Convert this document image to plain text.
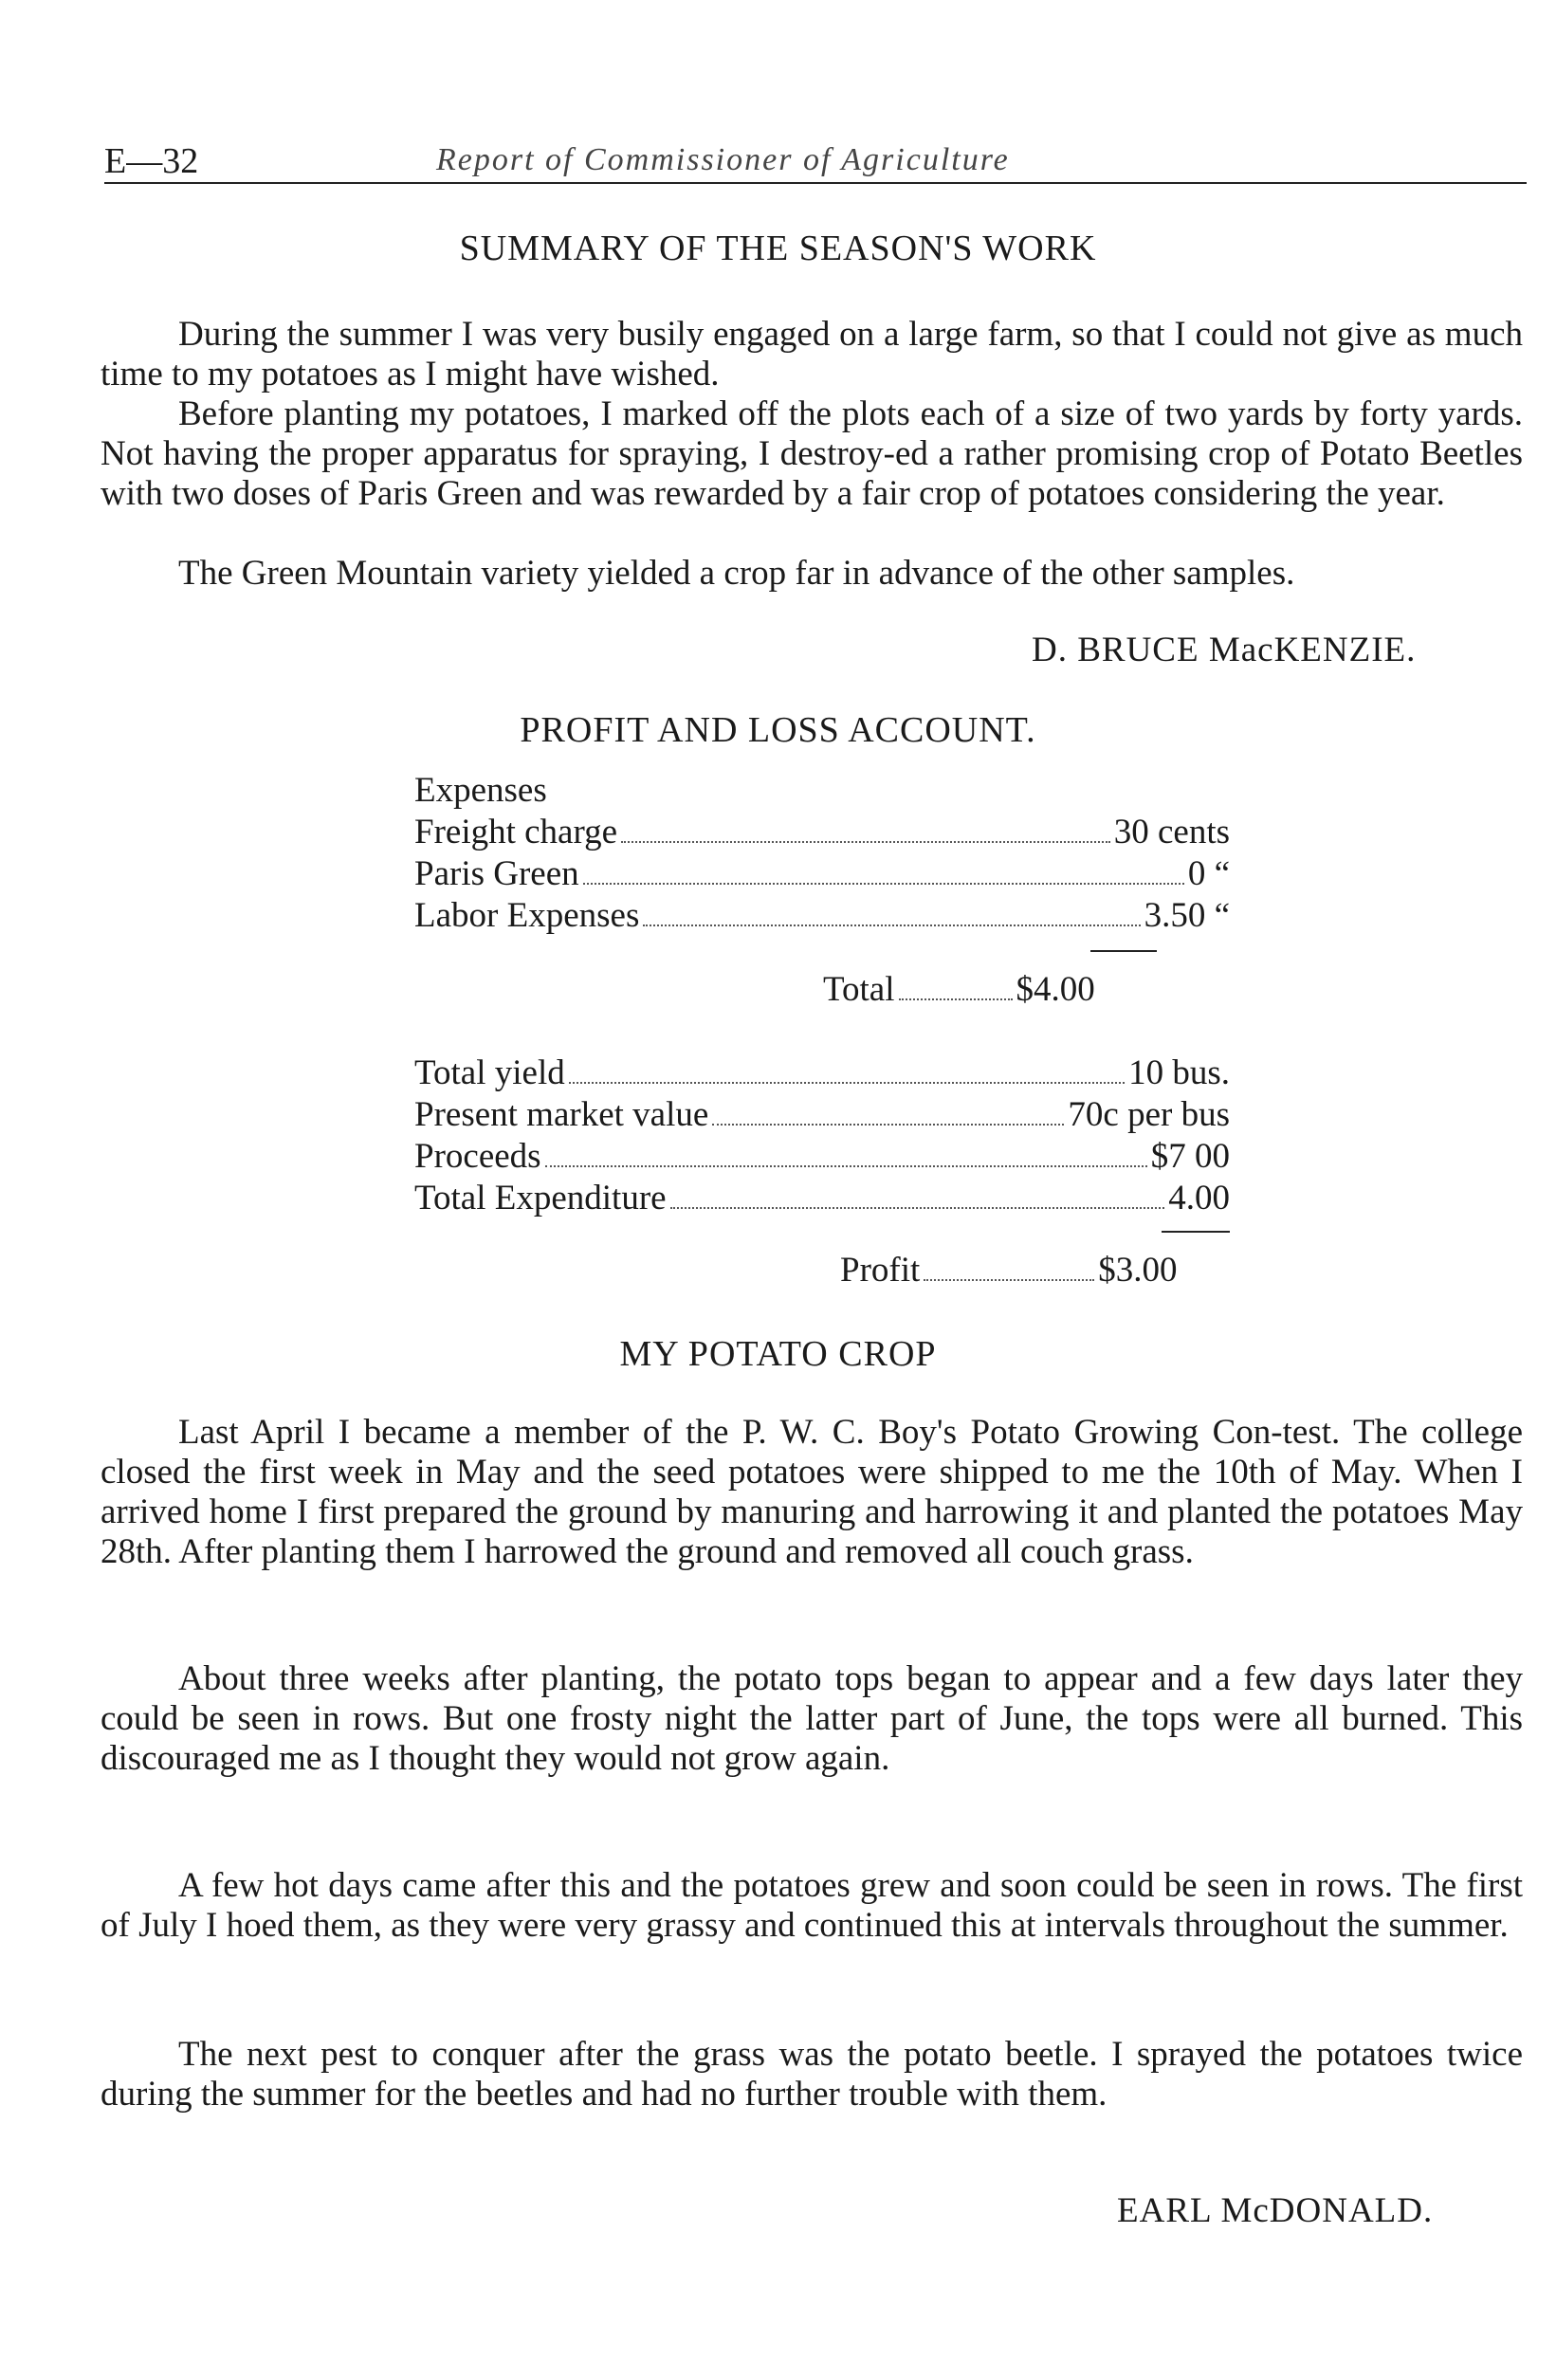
E—32	Report of Commissioner of Agriculture
SUMMARY OF THE SEASON'S WORK

During the summer I was very busily engaged on a large farm, so that I could not give as much time to my potatoes as I might have wished.

Before planting my potatoes, I marked off the plots each of a size of two yards by forty yards. Not having the proper apparatus for spraying, I destroy-ed a rather promising crop of Potato Beetles with two doses of Paris Green and was rewarded by a fair crop of potatoes considering the year.

The Green Mountain variety yielded a crop far in advance of the other samples.

D. BRUCE MacKENZIE.
PROFIT AND LOSS ACCOUNT.
Expenses
Freight charge	30 cents
Paris Green	0 “
Labor Expenses	3.50 “
Total	$4.00
Total yield	10 bus.
Present market value	70c per bus
Proceeds	$7 00
Total Expenditure	4.00
Profit	$3.00
MY POTATO CROP

Last April I became a member of the P. W. C. Boy's Potato Growing Con-test. The college closed the first week in May and the seed potatoes were shipped to me the 10th of May. When I arrived home I first prepared the ground by manuring and harrowing it and planted the potatoes May 28th. After planting them I harrowed the ground and removed all couch grass.

About three weeks after planting, the potato tops began to appear and a few days later they could be seen in rows. But one frosty night the latter part of June, the tops were all burned. This discouraged me as I thought they would not grow again.

A few hot days came after this and the potatoes grew and soon could be seen in rows. The first of July I hoed them, as they were very grassy and continued this at intervals throughout the summer.

The next pest to conquer after the grass was the potato beetle. I sprayed the potatoes twice during the summer for the beetles and had no further trouble with them.

EARL McDONALD.
